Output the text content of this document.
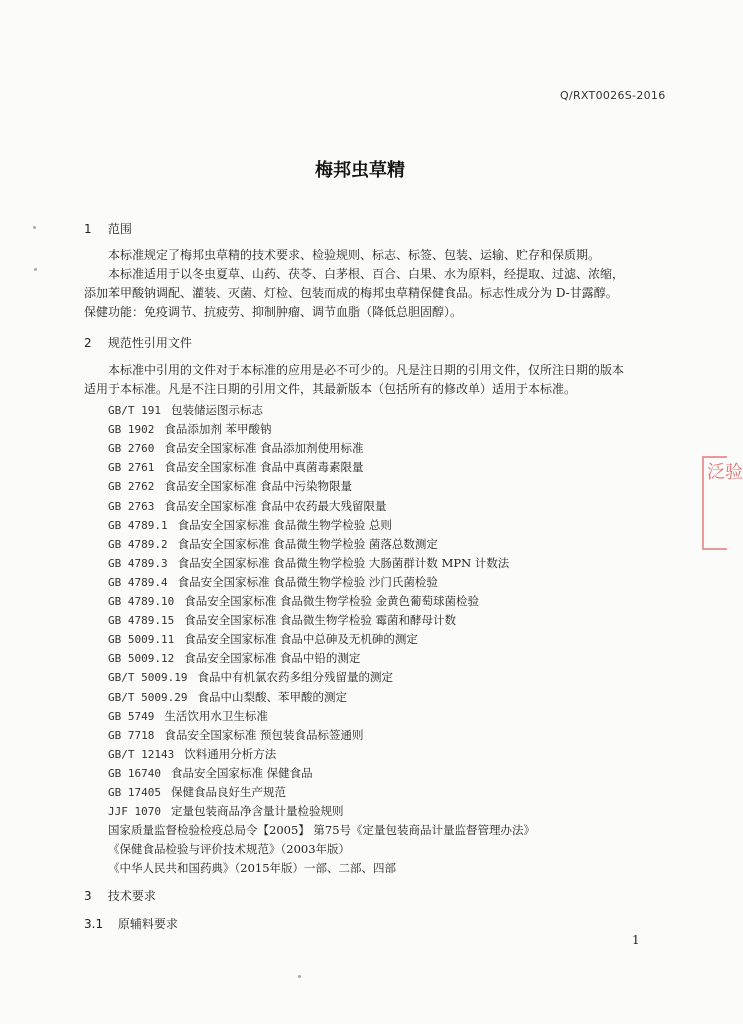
Q/RXT0026S-2016
梅邦虫草精
1 范围
本标准规定了梅邦虫草精的技术要求、检验规则、标志、标签、包装、运输、贮存和保质期。
本标准适用于以冬虫夏草、山药、茯苓、白茅根、百合、白果、水为原料，经提取、过滤、浓缩，
添加苯甲酸钠调配、灌装、灭菌、灯检、包装而成的梅邦虫草精保健食品。标志性成分为 D-甘露醇。
保健功能：免疫调节、抗疲劳、抑制肿瘤、调节血脂（降低总胆固醇）。
2 规范性引用文件
本标准中引用的文件对于本标准的应用是必不可少的。凡是注日期的引用文件，仅所注日期的版本
适用于本标准。凡是不注日期的引用文件，其最新版本（包括所有的修改单）适用于本标准。
GB/T 191 包装储运图示标志
GB 1902 食品添加剂 苯甲酸钠
GB 2760 食品安全国家标准 食品添加剂使用标准
GB 2761 食品安全国家标准 食品中真菌毒素限量
GB 2762 食品安全国家标准 食品中污染物限量
GB 2763 食品安全国家标准 食品中农药最大残留限量
GB 4789.1 食品安全国家标准 食品微生物学检验 总则
GB 4789.2 食品安全国家标准 食品微生物学检验 菌落总数测定
GB 4789.3 食品安全国家标准 食品微生物学检验 大肠菌群计数 MPN 计数法
GB 4789.4 食品安全国家标准 食品微生物学检验 沙门氏菌检验
GB 4789.10 食品安全国家标准 食品微生物学检验 金黄色葡萄球菌检验
GB 4789.15 食品安全国家标准 食品微生物学检验 霉菌和酵母计数
GB 5009.11 食品安全国家标准 食品中总砷及无机砷的测定
GB 5009.12 食品安全国家标准 食品中铅的测定
GB/T 5009.19 食品中有机氯农药多组分残留量的测定
GB/T 5009.29 食品中山梨酸、苯甲酸的测定
GB 5749 生活饮用水卫生标准
GB 7718 食品安全国家标准 预包装食品标签通则
GB/T 12143 饮料通用分析方法
GB 16740 食品安全国家标准 保健食品
GB 17405 保健食品良好生产规范
JJF 1070 定量包装商品净含量计量检验规则
国家质量监督检验检疫总局令【2005】 第75号《定量包装商品计量监督管理办法》
《保健食品检验与评价技术规范》（2003年版）
《中华人民共和国药典》（2015年版）一部、二部、四部
3 技术要求
3.1 原辅料要求
1
泛验
